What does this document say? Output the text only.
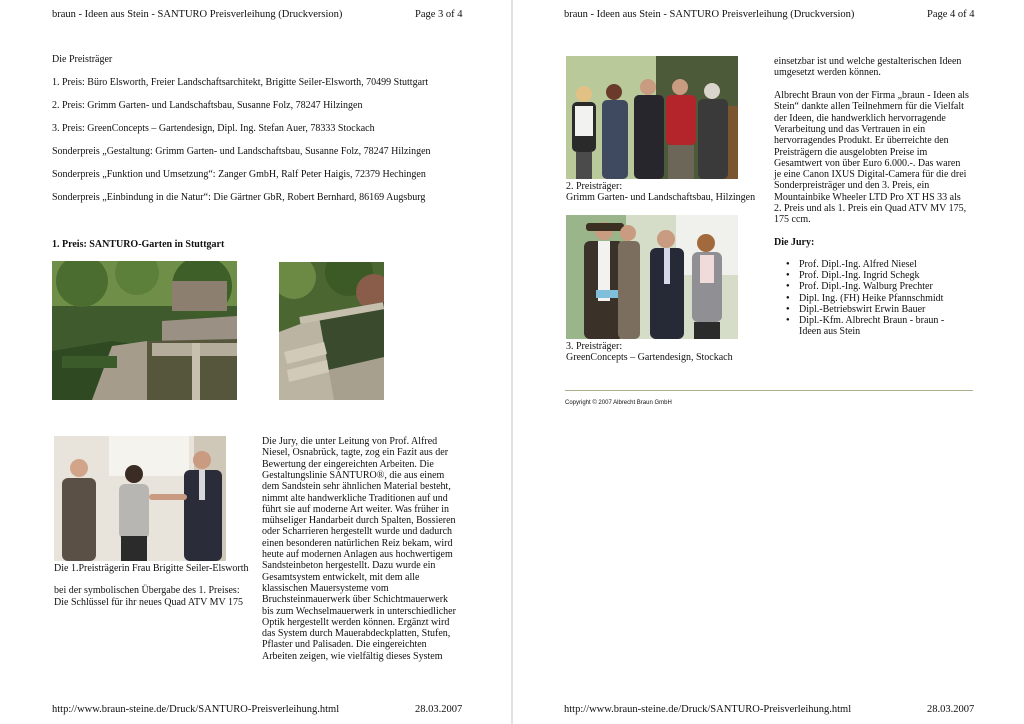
braun - Ideen aus Stein - SANTURO Preisverleihung (Druckversion)	Page 3 of 4
Die Preisträger
1. Preis: Büro Elsworth, Freier Landschaftsarchitekt, Brigitte Seiler-Elsworth, 70499 Stuttgart
2. Preis: Grimm Garten- und Landschaftsbau, Susanne Folz, 78247 Hilzingen
3. Preis: GreenConcepts – Gartendesign, Dipl. Ing. Stefan Auer, 78333 Stockach
Sonderpreis „Gestaltung: Grimm Garten- und Landschaftsbau, Susanne Folz, 78247 Hilzingen
Sonderpreis „Funktion und Umsetzung“: Zanger GmbH, Ralf Peter Haigis, 72379 Hechingen
Sonderpreis „Einbindung in die Natur“: Die Gärtner GbR, Robert Bernhard, 86169 Augsburg
1. Preis: SANTURO-Garten in Stuttgart
Die 1.Preisträgerin Frau Brigitte Seiler-Elsworth
bei der symbolischen Übergabe des 1. Preises:
Die Schlüssel für ihr neues Quad ATV MV 175
Die Jury, die unter Leitung von Prof. Alfred
Niesel, Osnabrück, tagte, zog ein Fazit aus der
Bewertung der eingereichten Arbeiten. Die
Gestaltungslinie SANTURO®, die aus einem
dem Sandstein sehr ähnlichen Material besteht,
nimmt alte handwerkliche Traditionen auf und
führt sie auf moderne Art weiter. Was früher in
mühseliger Handarbeit durch Spalten, Bossieren
oder Scharrieren hergestellt wurde und dadurch
einen besonderen natürlichen Reiz bekam, wird
heute auf modernen Anlagen aus hochwertigem
Sandsteinbeton hergestellt. Dazu wurde ein
Gesamtsystem entwickelt, mit dem alle
klassischen Mauersysteme vom
Bruchsteinmauerwerk über Schichtmauerwerk
bis zum Wechselmauerwerk in unterschiedlicher
Optik hergestellt werden können. Ergänzt wird
das System durch Mauerabdeckplatten, Stufen,
Pflaster und Palisaden. Die eingereichten
Arbeiten zeigen, wie vielfältig dieses System
http://www.braun-steine.de/Druck/SANTURO-Preisverleihung.html	28.03.2007
braun - Ideen aus Stein - SANTURO Preisverleihung (Druckversion)	Page 4 of 4
2. Preisträger:
Grimm Garten- und Landschaftsbau, Hilzingen
3. Preisträger:
GreenConcepts – Gartendesign, Stockach
einsetzbar ist und welche gestalterischen Ideen
umgesetzt werden können.
Albrecht Braun von der Firma „braun - Ideen als
Stein“ dankte allen Teilnehmern für die Vielfalt
der Ideen, die handwerklich hervorragende
Verarbeitung und das Vertrauen in ein
hervorragendes Produkt. Er überreichte den
Preisträgern die ausgelobten Preise im
Gesamtwert von über Euro 6.000.-. Das waren
je eine Canon IXUS Digital-Camera für die drei
Sonderpreisträger und den 3. Preis, ein
Mountainbike Wheeler LTD Pro XT HS 33 als
2. Preis und als 1. Preis ein Quad ATV MV 175,
175 ccm.
Die Jury:
● Prof. Dipl.-Ing. Alfred Niesel
● Prof. Dipl.-Ing. Ingrid Schegk
● Prof. Dipl.-Ing. Walburg Prechter
● Dipl. Ing. (FH) Heike Pfannschmidt
● Dipl.-Betriebswirt Erwin Bauer
● Dipl.-Kfm. Albrecht Braun - braun -
Ideen aus Stein
Copyright © 2007 Albrecht Braun GmbH
http://www.braun-steine.de/Druck/SANTURO-Preisverleihung.html	28.03.2007
